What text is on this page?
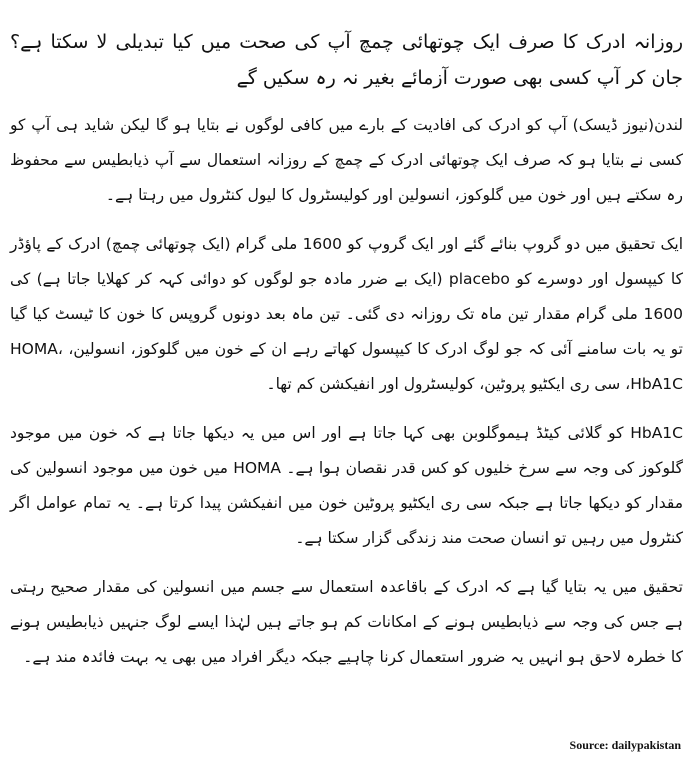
روزانہ ادرک کا صرف ایک چوتھائی چمچ آپ کی صحت میں کیا تبدیلی لا سکتا ہے؟ جان کر آپ کسی بھی صورت آزمائے بغیر نہ رہ سکیں گے

لندن(نیوز ڈیسک) آپ کو ادرک کی افادیت کے بارے میں کافی لوگوں نے بتایا ہو گا لیکن شاید ہی آپ کو کسی نے بتایا ہو کہ صرف ایک چوتھائی ادرک کے چمچ کے روزانہ استعمال سے آپ ذیابطیس سے محفوظ رہ سکتے ہیں اور خون میں گلوکوز، انسولین اور کولیسٹرول کا لیول کنٹرول میں رہتا ہے۔

ایک تحقیق میں دو گروپ بنائے گئے اور ایک گروپ کو 1600 ملی گرام (ایک چوتھائی چمچ) ادرک کے پاؤڈر کا کیپسول اور دوسرے کو placebo (ایک بے ضرر مادہ جو لوگوں کو دوائی کہہ کر کھلایا جاتا ہے) کی 1600 ملی گرام مقدار تین ماہ تک روزانہ دی گئی۔ تین ماہ بعد دونوں گروپس کا خون کا ٹیسٹ کیا گیا تو یہ بات سامنے آئی کہ جو لوگ ادرک کا کیپسول کھاتے رہے ان کے خون میں گلوکوز، انسولین، HOMA، HbA1C، سی ری ایکٹیو پروٹین، کولیسٹرول اور انفیکشن کم تھا۔

HbA1C کو گلائی کیٹڈ ہیموگلوبن بھی کہا جاتا ہے اور اس میں یہ دیکھا جاتا ہے کہ خون میں موجود گلوکوز کی وجہ سے سرخ خلیوں کو کس قدر نقصان ہوا ہے۔ HOMA میں خون میں موجود انسولین کی مقدار کو دیکھا جاتا ہے جبکہ سی ری ایکٹیو پروٹین خون میں انفیکشن پیدا کرتا ہے۔ یہ تمام عوامل اگر کنٹرول میں رہیں تو انسان صحت مند زندگی گزار سکتا ہے۔

تحقیق میں یہ بتایا گیا ہے کہ ادرک کے باقاعدہ استعمال سے جسم میں انسولین کی مقدار صحیح رہتی ہے جس کی وجہ سے ذیابطیس ہونے کے امکانات کم ہو جاتے ہیں لہٰذا ایسے لوگ جنہیں ذیابطیس ہونے کا خطرہ لاحق ہو انہیں یہ ضرور استعمال کرنا چاہیے جبکہ دیگر افراد میں بھی یہ بہت فائدہ مند ہے۔

Source: dailypakistan
